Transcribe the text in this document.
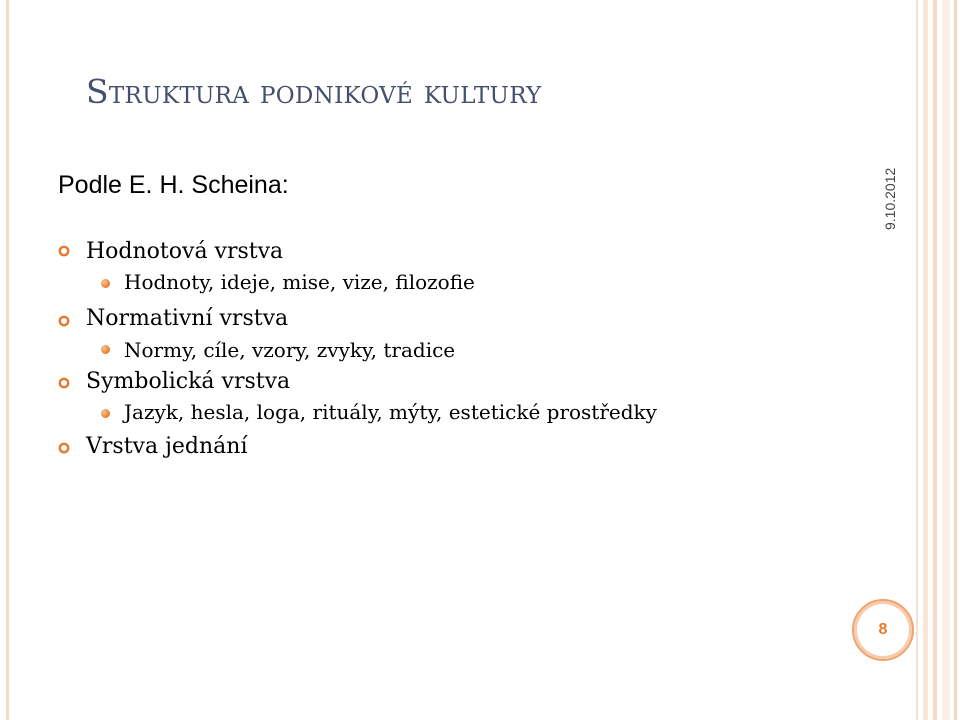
Struktura podnikové kultury
Podle E. H. Scheina:
Hodnotová vrstva
Hodnoty, ideje, mise, vize, filozofie
Normativní vrstva
Normy, cíle, vzory, zvyky, tradice
Symbolická vrstva
Jazyk, hesla, loga, rituály, mýty, estetické prostředky
Vrstva jednání
9.10.2012
8
